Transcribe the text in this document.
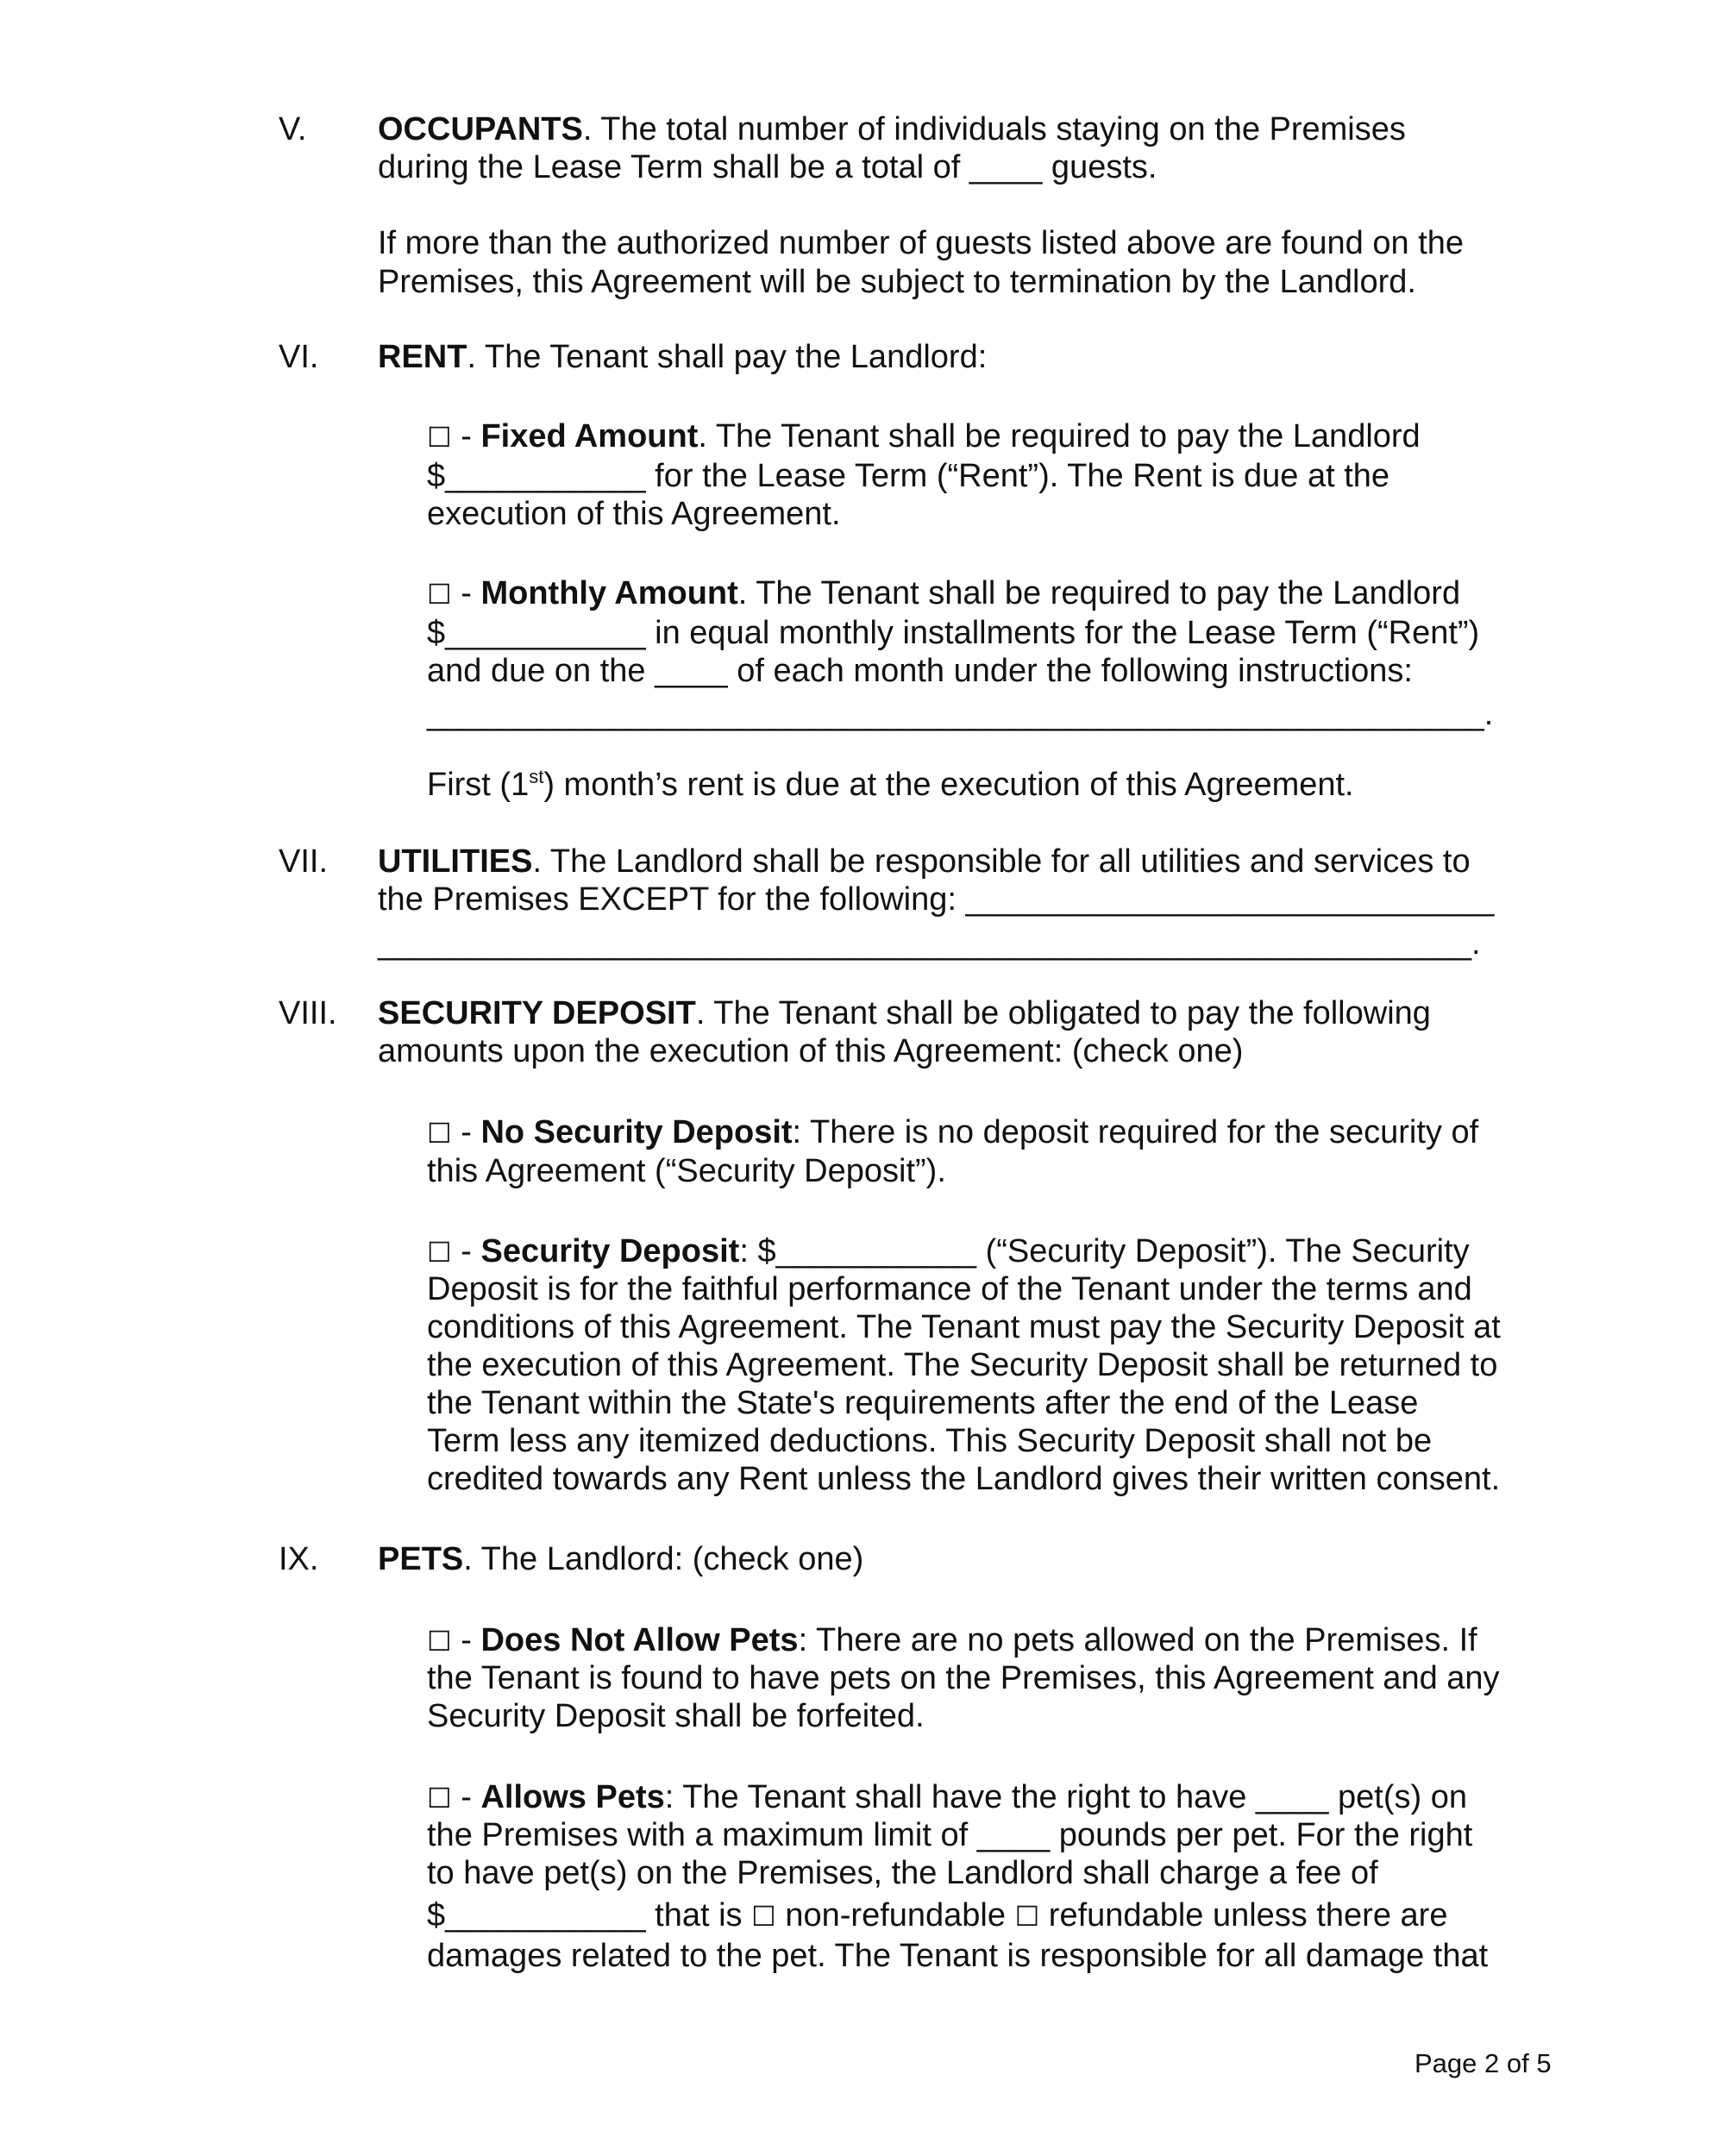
V. OCCUPANTS. The total number of individuals staying on the Premises

during the Lease Term shall be a total of ____ guests.

If more than the authorized number of guests listed above are found on the

Premises, this Agreement will be subject to termination by the Landlord.

VI. RENT. The Tenant shall pay the Landlord:

☐ - Fixed Amount. The Tenant shall be required to pay the Landlord

$___________ for the Lease Term (“Rent”). The Rent is due at the

execution of this Agreement.

☐ - Monthly Amount. The Tenant shall be required to pay the Landlord

$___________ in equal monthly installments for the Lease Term (“Rent”)

and due on the ____ of each month under the following instructions:

__________________________________________________________.

First (1st) month’s rent is due at the execution of this Agreement.

VII. UTILITIES. The Landlord shall be responsible for all utilities and services to

the Premises EXCEPT for the following: _____________________________

____________________________________________________________.

VIII. SECURITY DEPOSIT. The Tenant shall be obligated to pay the following

amounts upon the execution of this Agreement: (check one)

☐ - No Security Deposit: There is no deposit required for the security of

this Agreement (“Security Deposit”).

☐ - Security Deposit: $___________ (“Security Deposit”). The Security

Deposit is for the faithful performance of the Tenant under the terms and

conditions of this Agreement. The Tenant must pay the Security Deposit at

the execution of this Agreement. The Security Deposit shall be returned to

the Tenant within the State's requirements after the end of the Lease

Term less any itemized deductions. This Security Deposit shall not be

credited towards any Rent unless the Landlord gives their written consent.

IX. PETS. The Landlord: (check one)

☐ - Does Not Allow Pets: There are no pets allowed on the Premises. If

the Tenant is found to have pets on the Premises, this Agreement and any

Security Deposit shall be forfeited.

☐ - Allows Pets: The Tenant shall have the right to have ____ pet(s) on

the Premises with a maximum limit of ____ pounds per pet. For the right

to have pet(s) on the Premises, the Landlord shall charge a fee of

$___________ that is ☐ non-refundable ☐ refundable unless there are

damages related to the pet. The Tenant is responsible for all damage that

Page 2 of 5
